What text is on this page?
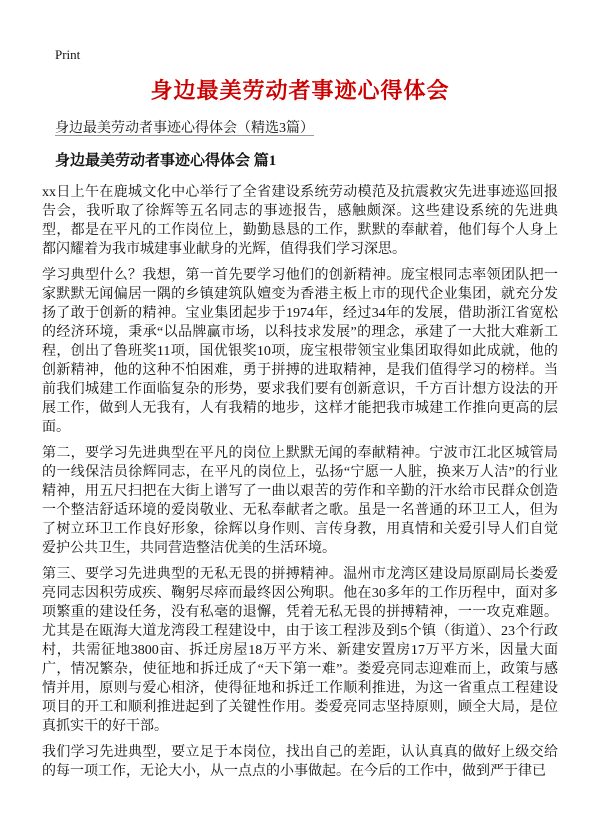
Print
身边最美劳动者事迹心得体会
身边最美劳动者事迹心得体会（精选3篇）
身边最美劳动者事迹心得体会 篇1

xx日上午在鹿城文化中心举行了全省建设系统劳动模范及抗震救灾先进事迹巡回报告会，我听取了徐辉等五名同志的事迹报告，感触颇深。这些建设系统的先进典型，都是在平凡的工作岗位上，勤勤恳恳的工作，默默的奉献着，他们每个人身上都闪耀着为我市城建事业献身的光辉，值得我们学习深思。

学习典型什么？我想，第一首先要学习他们的创新精神。庞宝根同志率领团队把一家默默无闻偏居一隅的乡镇建筑队嬗变为香港主板上市的现代企业集团，就充分发扬了敢于创新的精神。宝业集团起步于1974年，经过34年的发展，借助浙江省宽松的经济环境，秉承“以品牌赢市场，以科技求发展”的理念，承建了一大批大难新工程，创出了鲁班奖11项，国优银奖10项，庞宝根带领宝业集团取得如此成就，他的创新精神，他的这种不怕困难，勇于拼搏的进取精神，是我们值得学习的榜样。当前我们城建工作面临复杂的形势，要求我们要有创新意识，千方百计想方设法的开展工作，做到人无我有，人有我精的地步，这样才能把我市城建工作推向更高的层面。

第二，要学习先进典型在平凡的岗位上默默无闻的奉献精神。宁波市江北区城管局的一线保洁员徐辉同志，在平凡的岗位上，弘扬“宁愿一人脏，换来万人洁”的行业精神，用五尺扫把在大街上谱写了一曲以艰苦的劳作和辛勤的汗水给市民群众创造一个整洁舒适环境的爱岗敬业、无私奉献者之歌。虽是一名普通的环卫工人，但为了树立环卫工作良好形象，徐辉以身作则、言传身教，用真情和关爱引导人们自觉爱护公共卫生，共同营造整洁优美的生活环境。

第三、要学习先进典型的无私无畏的拼搏精神。温州市龙湾区建设局原副局长娄爱亮同志因积劳成疾、鞠躬尽瘁而最终因公殉职。他在30多年的工作历程中，面对多项繁重的建设任务，没有私毫的退懈，凭着无私无畏的拼搏精神，一一攻克难题。尤其是在瓯海大道龙湾段工程建设中，由于该工程涉及到5个镇（街道）、23个行政村，共需征地3800亩、拆迁房屋18万平方米、新建安置房17万平方米，因量大面广，情况繁杂，使征地和拆迁成了“天下第一难”。娄爱亮同志迎难而上，政策与感情并用，原则与爱心相济，使得征地和拆迁工作顺利推进，为这一省重点工程建设项目的开工和顺利推进起到了关键性作用。娄爱亮同志坚持原则，顾全大局，是位真抓实干的好干部。

我们学习先进典型，要立足于本岗位，找出自己的差距，认认真真的做好上级交给的每一项工作，无论大小，从一点点的小事做起。在今后的工作中，做到严于律已
